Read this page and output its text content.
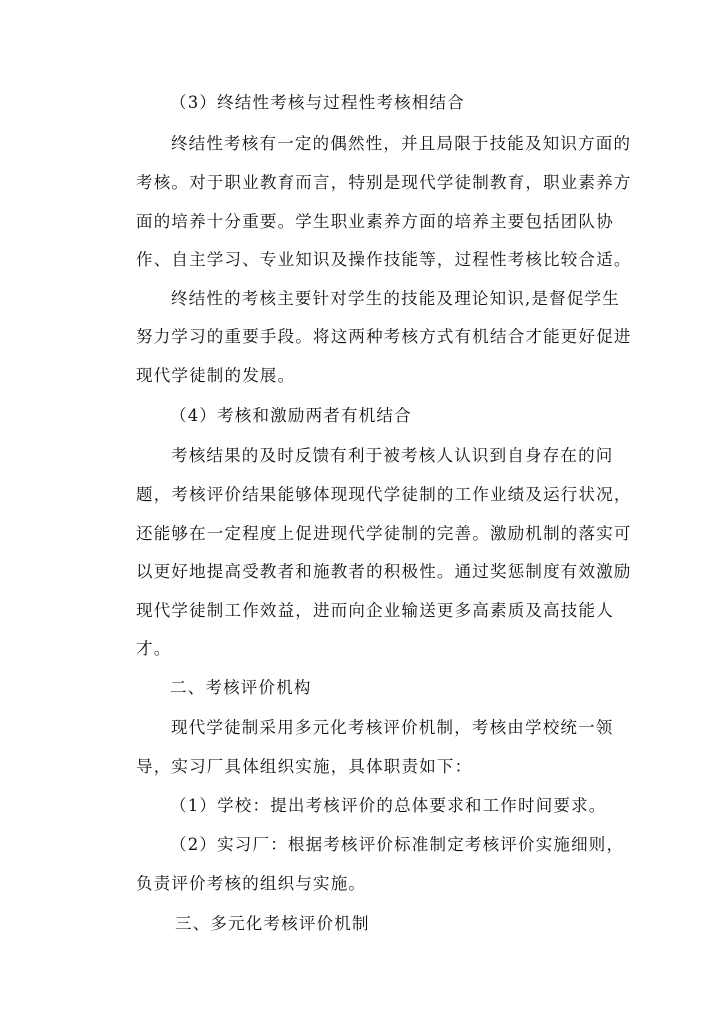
（3）终结性考核与过程性考核相结合
终结性考核有一定的偶然性，并且局限于技能及知识方面的
考核。对于职业教育而言，特别是现代学徒制教育，职业素养方
面的培养十分重要。学生职业素养方面的培养主要包括团队协
作、自主学习、专业知识及操作技能等，过程性考核比较合适。
终结性的考核主要针对学生的技能及理论知识,是督促学生
努力学习的重要手段。将这两种考核方式有机结合才能更好促进
现代学徒制的发展。
（4）考核和激励两者有机结合
考核结果的及时反馈有利于被考核人认识到自身存在的问
题，考核评价结果能够体现现代学徒制的工作业绩及运行状况，
还能够在一定程度上促进现代学徒制的完善。激励机制的落实可
以更好地提高受教者和施教者的积极性。通过奖惩制度有效激励
现代学徒制工作效益，进而向企业输送更多高素质及高技能人
才。
二、考核评价机构
现代学徒制采用多元化考核评价机制，考核由学校统一领
导，实习厂具体组织实施，具体职责如下：
（1）学校：提出考核评价的总体要求和工作时间要求。
（2）实习厂：根据考核评价标准制定考核评价实施细则，
负责评价考核的组织与实施。
三、多元化考核评价机制
